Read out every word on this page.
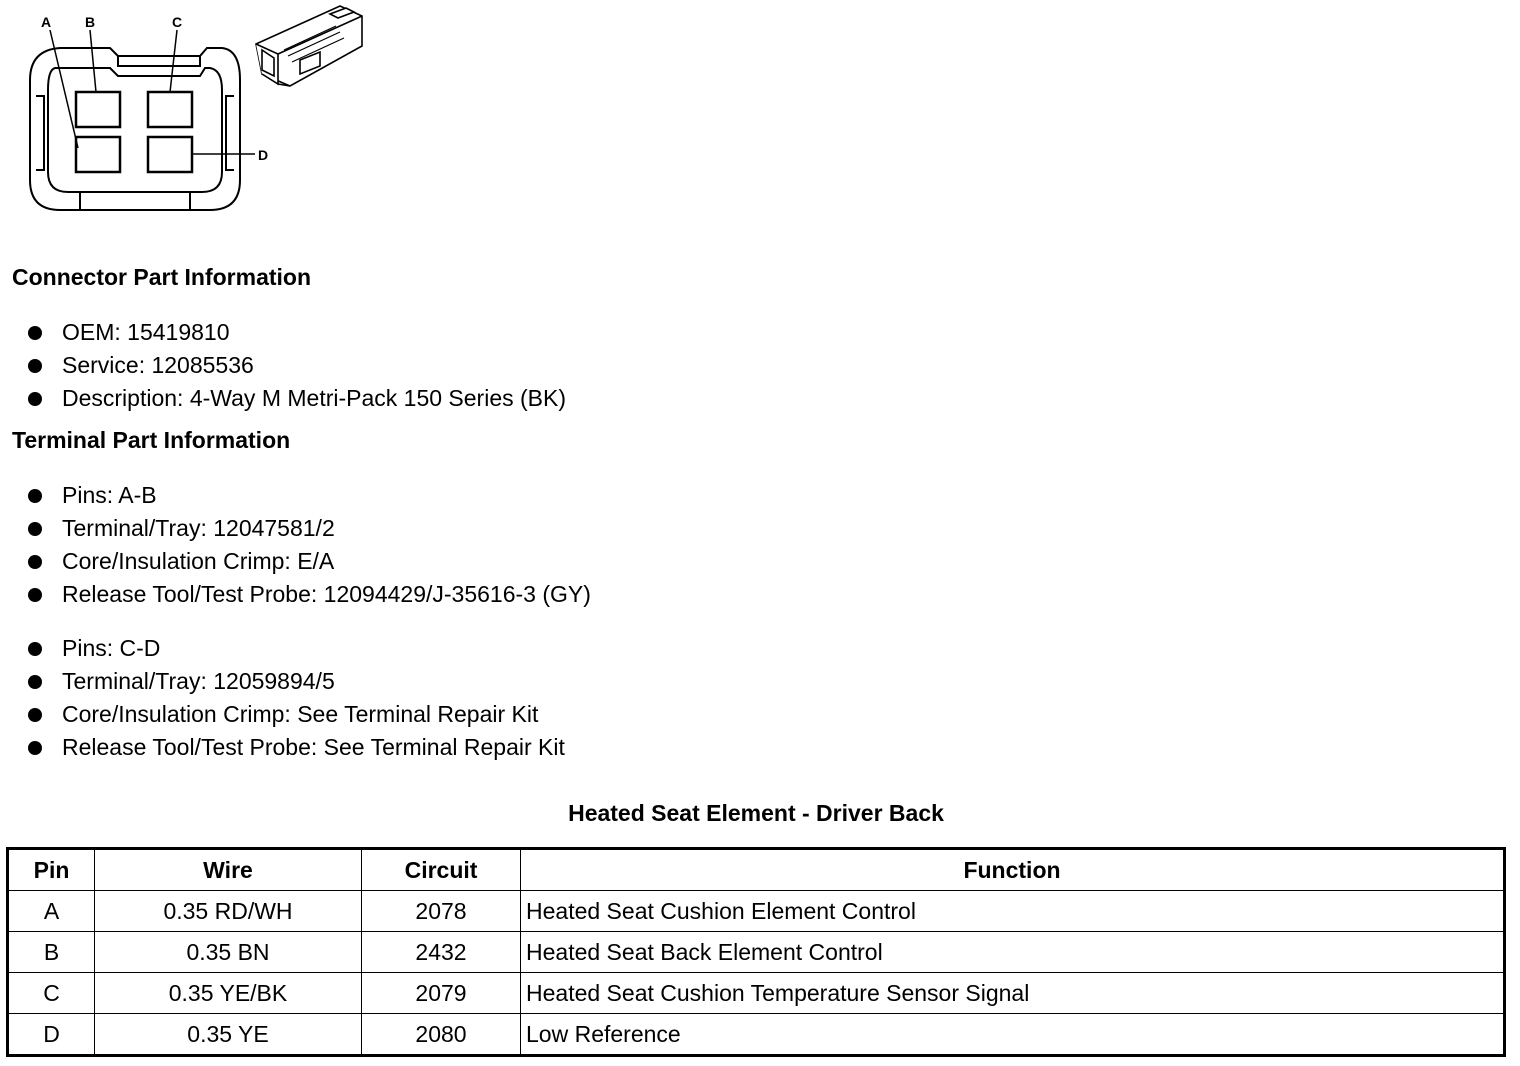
A B	C
D
Connector Part Information
OEM: 15419810
Service: 12085536
Description: 4-Way M Metri-Pack 150 Series (BK)
Terminal Part Information
Pins: A-B
Terminal/Tray: 12047581/2
Core/Insulation Crimp: E/A
Release Tool/Test Probe: 12094429/J-35616-3 (GY)
Pins: C-D
Terminal/Tray: 12059894/5
Core/Insulation Crimp: See Terminal Repair Kit
Release Tool/Test Probe: See Terminal Repair Kit
Heated Seat Element - Driver Back
Pin	Wire	Circuit	Function
A	0.35 RD/WH	2078	Heated Seat Cushion Element Control
B	0.35 BN	2432	Heated Seat Back Element Control
C	0.35 YE/BK	2079	Heated Seat Cushion Temperature Sensor Signal
D	0.35 YE	2080	Low Reference
